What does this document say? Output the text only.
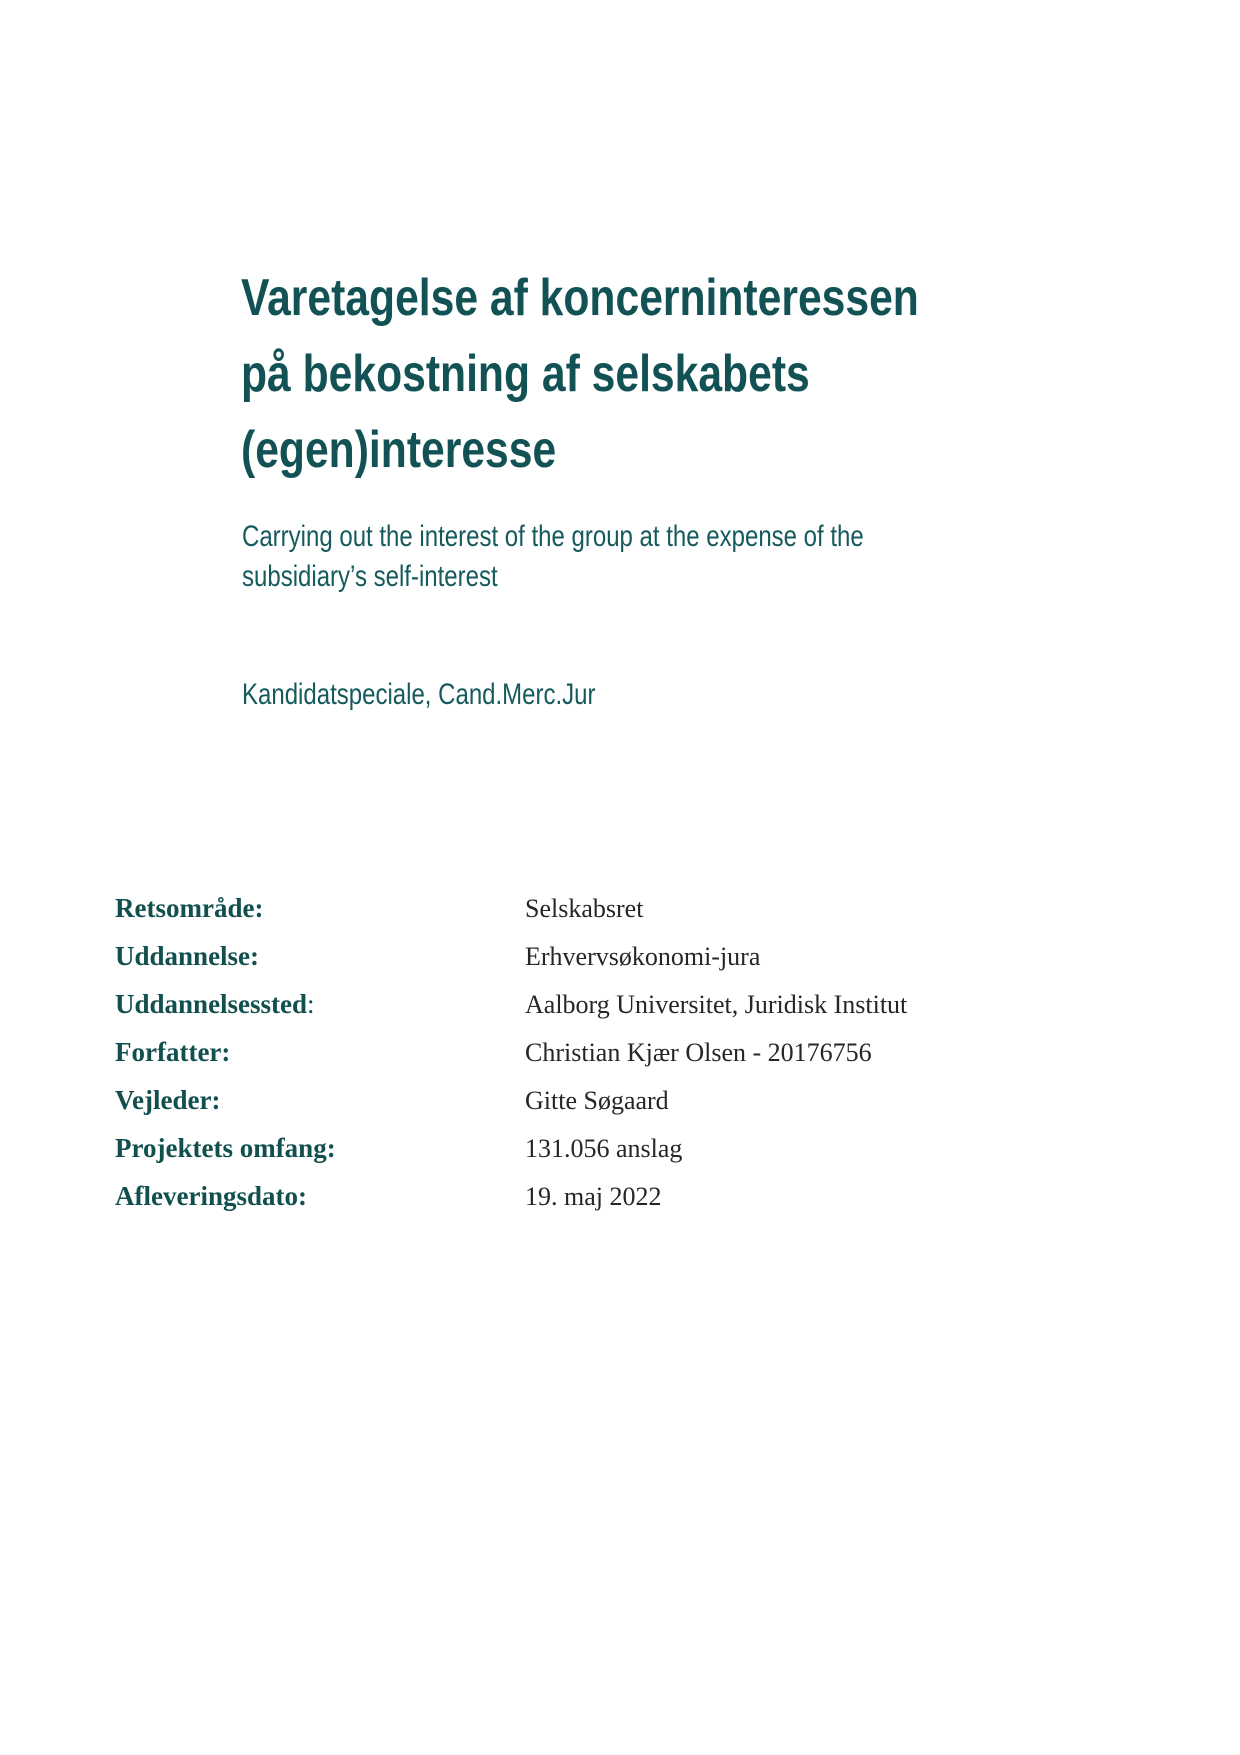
Varetagelse af koncerninteressen
på bekostning af selskabets
(egen)interesse
Carrying out the interest of the group at the expense of the
subsidiary’s self-interest
Kandidatspeciale, Cand.Merc.Jur
Retsområde:	Selskabsret
Uddannelse:	Erhvervsøkonomi-jura
Uddannelsessted:	Aalborg Universitet, Juridisk Institut
Forfatter:	Christian Kjær Olsen - 20176756
Vejleder:	Gitte Søgaard
Projektets omfang:	131.056 anslag
Afleveringsdato:	19. maj 2022
